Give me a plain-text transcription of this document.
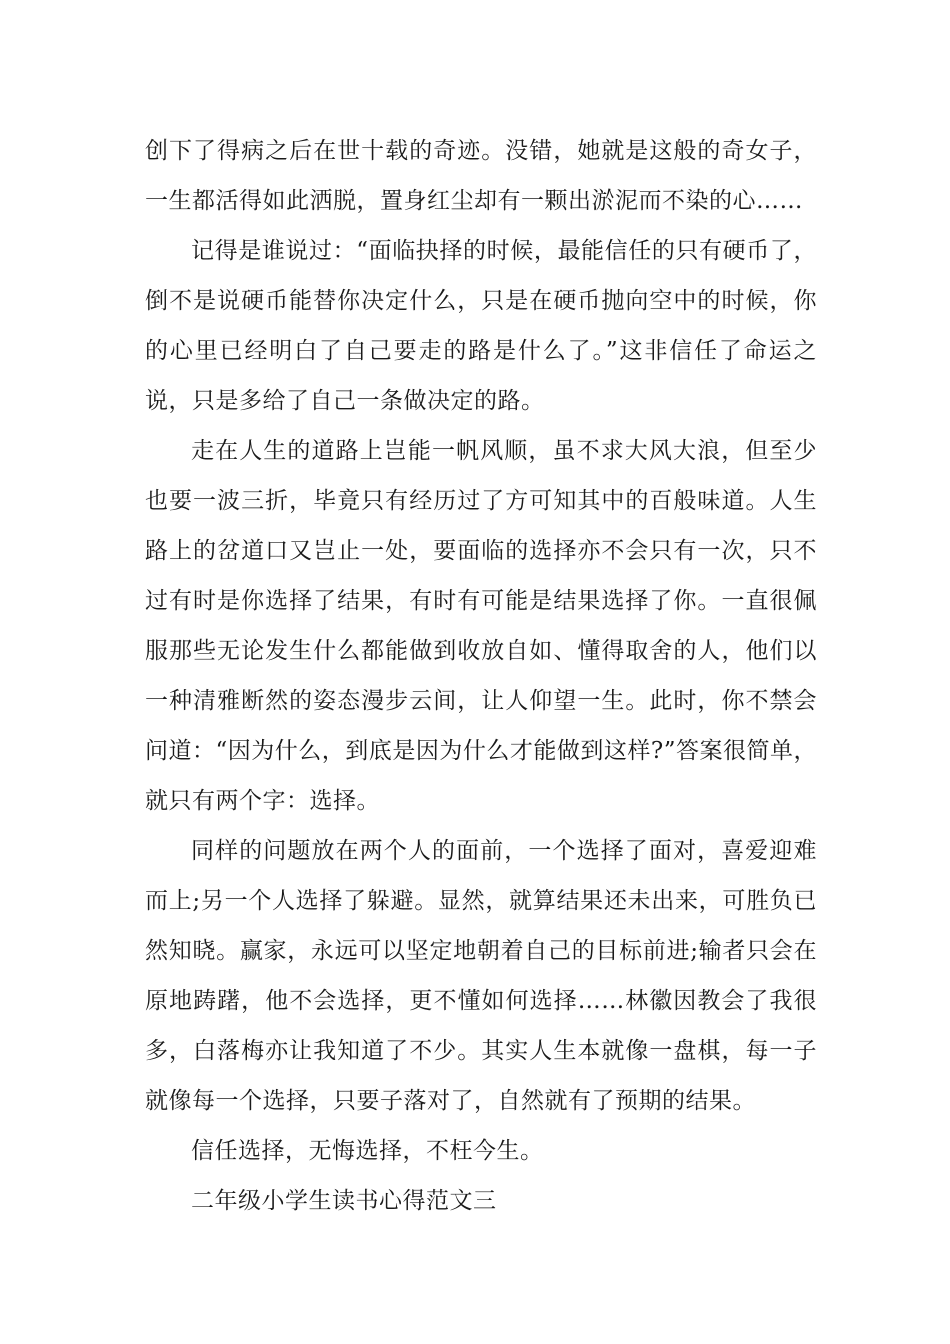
创下了得病之后在世十载的奇迹。没错，她就是这般的奇女子，一生都活得如此洒脱，置身红尘却有一颗出淤泥而不染的心……

记得是谁说过：“面临抉择的时候，最能信任的只有硬币了，倒不是说硬币能替你决定什么，只是在硬币抛向空中的时候，你的心里已经明白了自己要走的路是什么了。”这非信任了命运之说，只是多给了自己一条做决定的路。

走在人生的道路上岂能一帆风顺，虽不求大风大浪，但至少也要一波三折，毕竟只有经历过了方可知其中的百般味道。人生路上的岔道口又岂止一处，要面临的选择亦不会只有一次，只不过有时是你选择了结果，有时有可能是结果选择了你。一直很佩服那些无论发生什么都能做到收放自如、懂得取舍的人，他们以一种清雅断然的姿态漫步云间，让人仰望一生。此时，你不禁会问道：“因为什么，到底是因为什么才能做到这样?”答案很简单，就只有两个字：选择。

同样的问题放在两个人的面前，一个选择了面对，喜爱迎难而上;另一个人选择了躲避。显然，就算结果还未出来，可胜负已然知晓。赢家，永远可以坚定地朝着自己的目标前进;输者只会在原地踌躇，他不会选择，更不懂如何选择……林徽因教会了我很多，白落梅亦让我知道了不少。其实人生本就像一盘棋，每一子就像每一个选择，只要子落对了，自然就有了预期的结果。

信任选择，无悔选择，不枉今生。

二年级小学生读书心得范文三
